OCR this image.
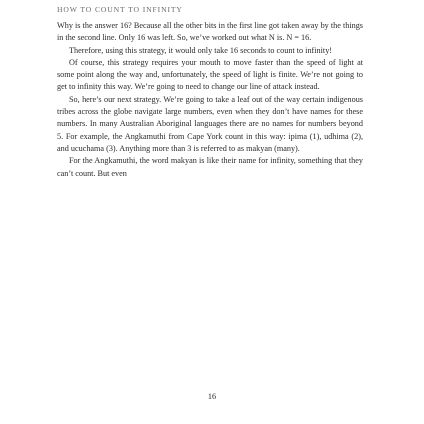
HOW TO COUNT TO INFINITY

Why is the answer 16? Because all the other bits in the first line got taken away by the things in the second line. Only 16 was left. So, we’ve worked out what N is. N = 16.

Therefore, using this strategy, it would only take 16 seconds to count to infinity!

Of course, this strategy requires your mouth to move faster than the speed of light at some point along the way and, unfortunately, the speed of light is finite. We’re not going to get to infinity this way. We’re going to need to change our line of attack instead.

So, here’s our next strategy. We’re going to take a leaf out of the way certain indigenous tribes across the globe navigate large numbers, even when they don’t have names for these numbers. In many Australian Aboriginal languages there are no names for numbers beyond 5. For example, the Angkamuthi from Cape York count in this way: ipima (1), udhima (2), and ucuchama (3). Anything more than 3 is referred to as makyan (many).

For the Angkamuthi, the word makyan is like their name for infinity, something that they can’t count. But even

16
